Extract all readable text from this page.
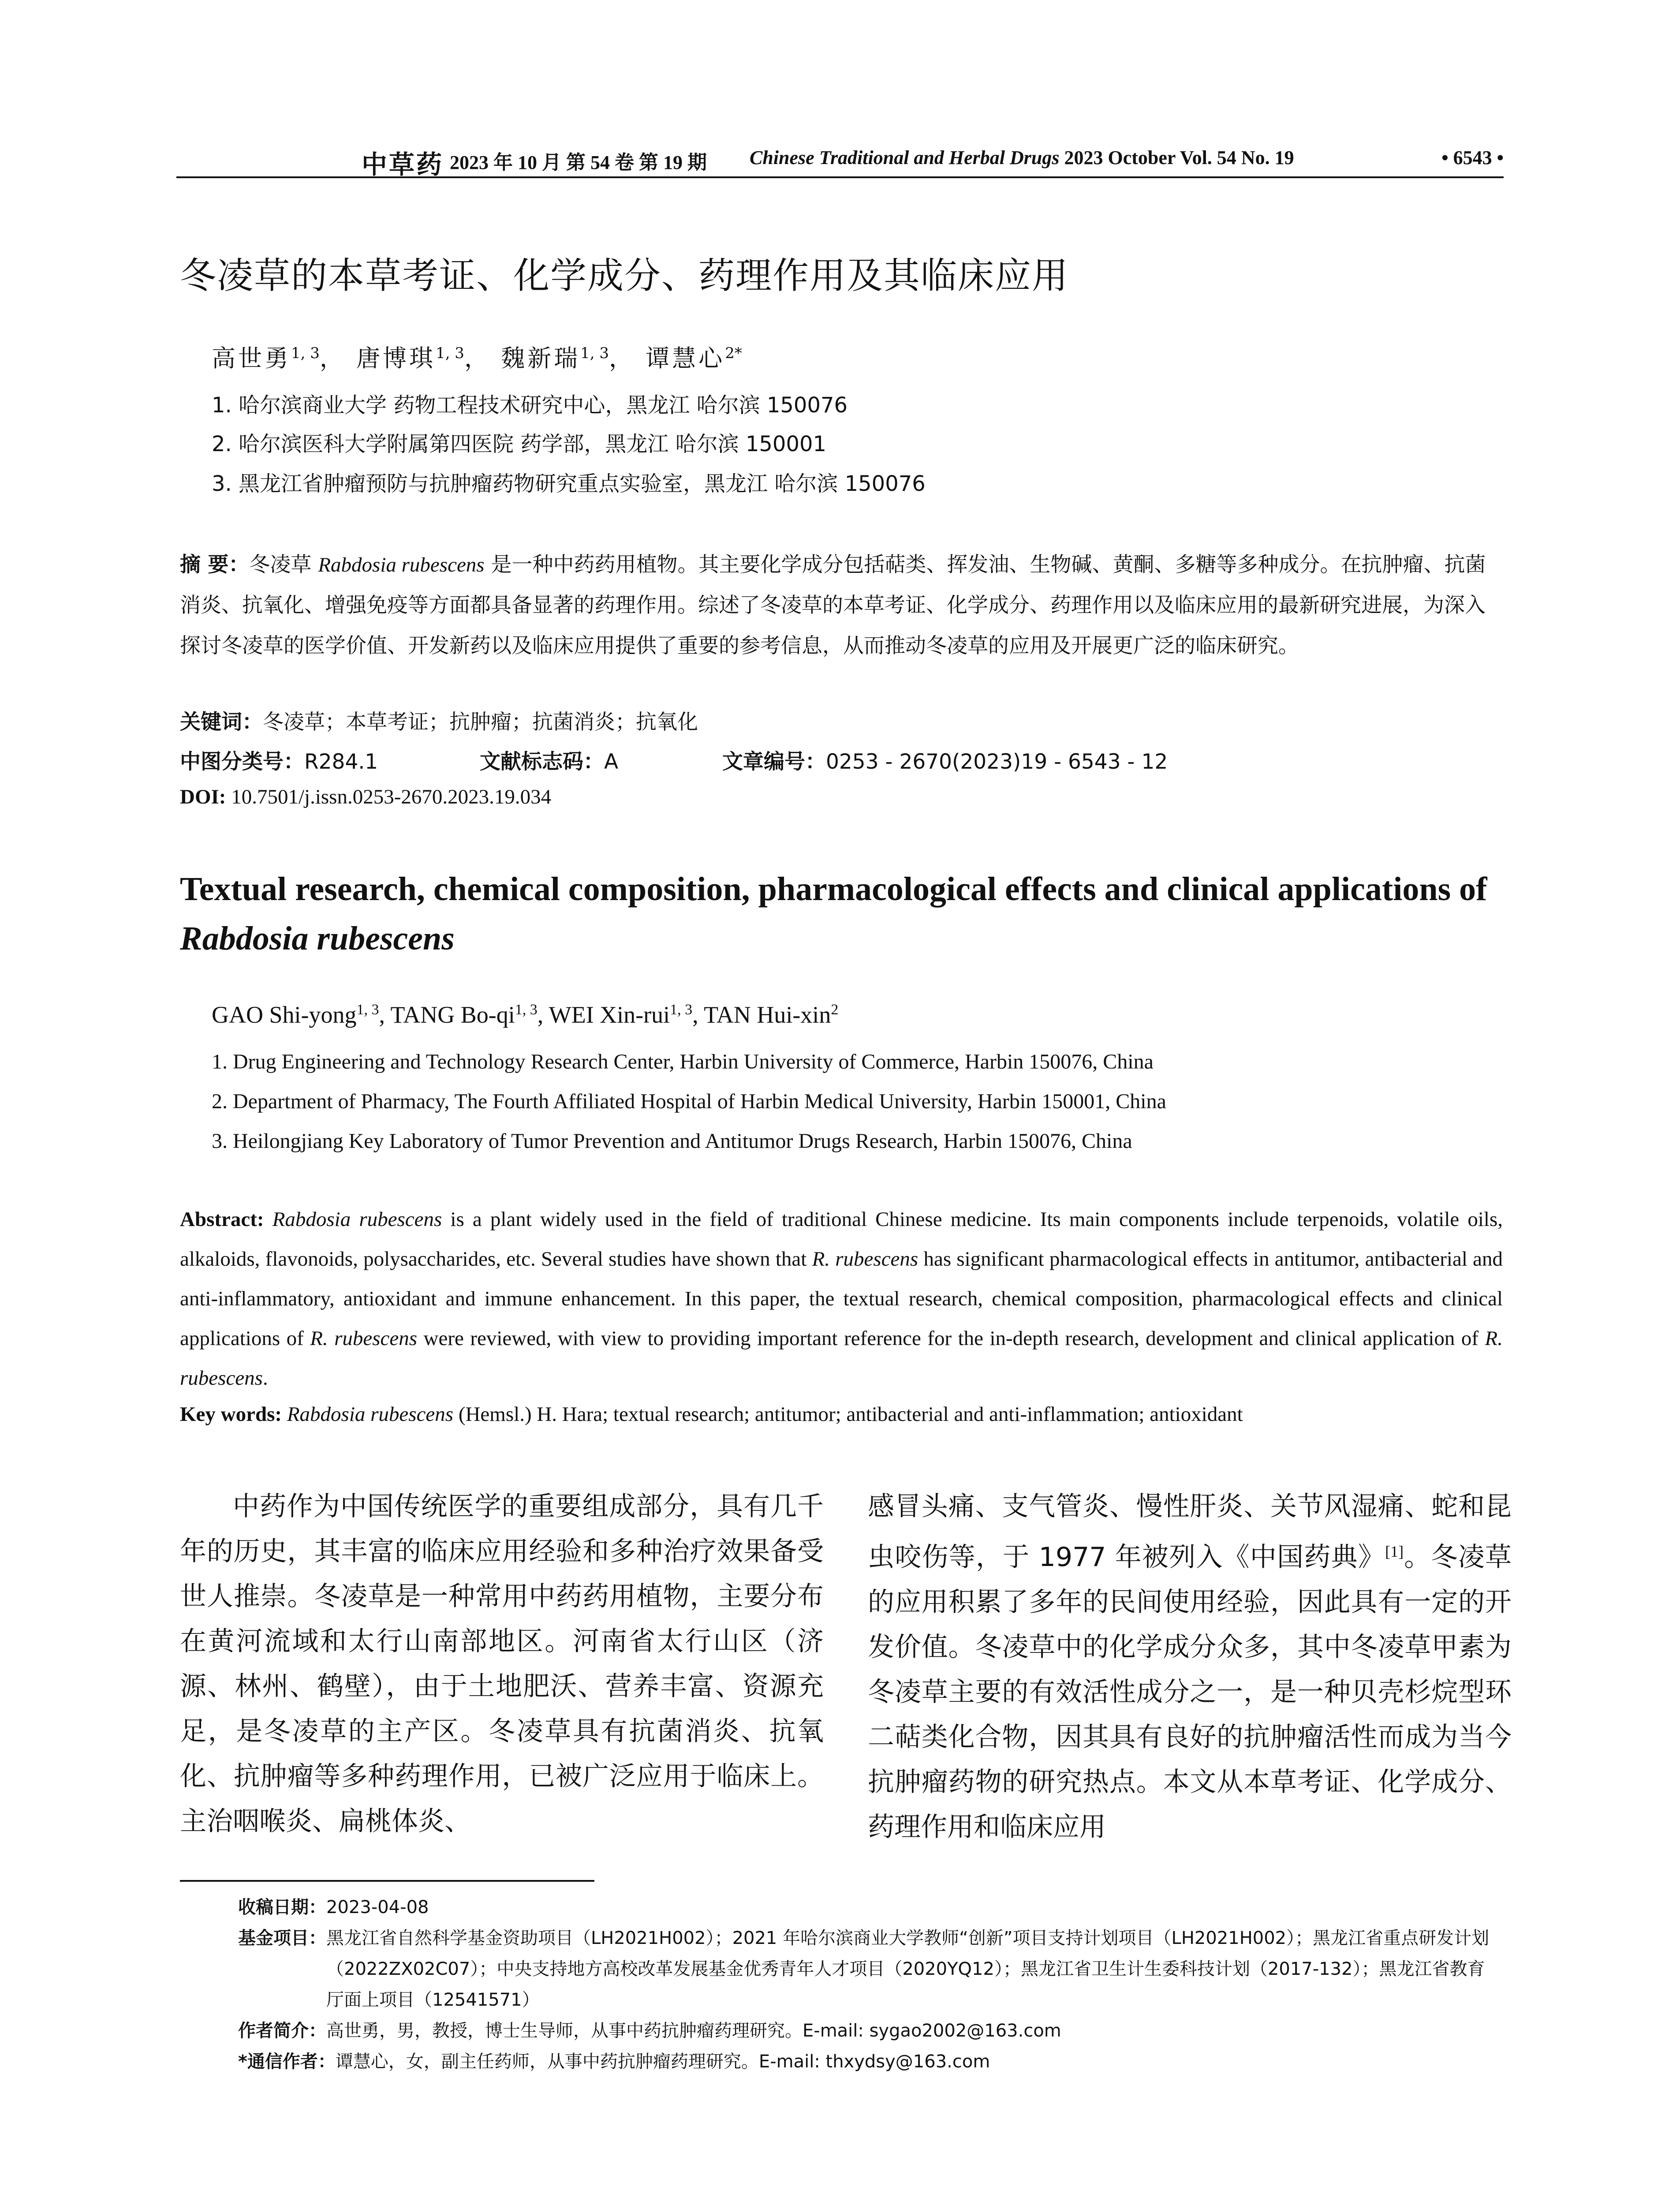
中草药 2023 年 10 月 第 54 卷 第 19 期 Chinese Traditional and Herbal Drugs 2023 October Vol. 54 No. 19	• 6543 •
冬凌草的本草考证、化学成分、药理作用及其临床应用
高世勇$^{1, 3}$， 唐博琪$^{1, 3}$， 魏新瑞$^{1, 3}$， 谭慧心$^{2*}$
1. 哈尔滨商业大学 药物工程技术研究中心，黑龙江 哈尔滨 150076
2. 哈尔滨医科大学附属第四医院 药学部，黑龙江 哈尔滨 150001
3. 黑龙江省肿瘤预防与抗肿瘤药物研究重点实验室，黑龙江 哈尔滨 150076
摘 要：冬凌草 Rabdosia rubescens 是一种中药药用植物。其主要化学成分包括萜类、挥发油、生物碱、黄酮、多糖等多种成分。在抗肿瘤、抗菌消炎、抗氧化、增强免疫等方面都具备显著的药理作用。综述了冬凌草的本草考证、化学成分、药理作用以及临床应用的最新研究进展，为深入探讨冬凌草的医学价值、开发新药以及临床应用提供了重要的参考信息，从而推动冬凌草的应用及开展更广泛的临床研究。
关键词：冬凌草；本草考证；抗肿瘤；抗菌消炎；抗氧化
中图分类号：R284.1	文献标志码：A	文章编号：0253 - 2670(2023)19 - 6543 - 12
DOI: 10.7501/j.issn.0253-2670.2023.19.034
Textual research, chemical composition, pharmacological effects and clinical applications of Rabdosia rubescens
GAO Shi-yong$^{1, 3}$, TANG Bo-qi$^{1, 3}$, WEI Xin-rui$^{1, 3}$, TAN Hui-xin$^2$
1. Drug Engineering and Technology Research Center, Harbin University of Commerce, Harbin 150076, China
2. Department of Pharmacy, The Fourth Affiliated Hospital of Harbin Medical University, Harbin 150001, China
3. Heilongjiang Key Laboratory of Tumor Prevention and Antitumor Drugs Research, Harbin 150076, China
Abstract: Rabdosia rubescens is a plant widely used in the field of traditional Chinese medicine. Its main components include terpenoids, volatile oils, alkaloids, flavonoids, polysaccharides, etc. Several studies have shown that R. rubescens has significant pharmacological effects in antitumor, antibacterial and anti-inflammatory, antioxidant and immune enhancement. In this paper, the textual research, chemical composition, pharmacological effects and clinical applications of R. rubescens were reviewed, with view to providing important reference for the in-depth research, development and clinical application of R. rubescens.
Key words: Rabdosia rubescens (Hemsl.) H. Hara; textual research; antitumor; antibacterial and anti-inflammation; antioxidant
中药作为中国传统医学的重要组成部分，具有几千年的历史，其丰富的临床应用经验和多种治疗效果备受世人推崇。冬凌草是一种常用中药药用植物，主要分布在黄河流域和太行山南部地区。河南省太行山区（济源、林州、鹤壁），由于土地肥沃、营养丰富、资源充足，是冬凌草的主产区。冬凌草具有抗菌消炎、抗氧化、抗肿瘤等多种药理作用，已被广泛应用于临床上。主治咽喉炎、扁桃体炎、
感冒头痛、支气管炎、慢性肝炎、关节风湿痛、蛇和昆虫咬伤等，于 1977 年被列入《中国药典》[1]。冬凌草的应用积累了多年的民间使用经验，因此具有一定的开发价值。冬凌草中的化学成分众多，其中冬凌草甲素为冬凌草主要的有效活性成分之一，是一种贝壳杉烷型环二萜类化合物，因其具有良好的抗肿瘤活性而成为当今抗肿瘤药物的研究热点。本文从本草考证、化学成分、药理作用和临床应用
收稿日期：2023-04-08
基金项目：黑龙江省自然科学基金资助项目（LH2021H002）；2021 年哈尔滨商业大学教师“创新”项目支持计划项目（LH2021H002）；黑龙江省重点研发计划（2022ZX02C07）；中央支持地方高校改革发展基金优秀青年人才项目（2020YQ12）；黑龙江省卫生计生委科技计划（2017-132）；黑龙江省教育厅面上项目（12541571）
作者简介：高世勇，男，教授，博士生导师，从事中药抗肿瘤药理研究。E-mail: sygao2002@163.com
*通信作者：谭慧心，女，副主任药师，从事中药抗肿瘤药理研究。E-mail: thxydsy@163.com
